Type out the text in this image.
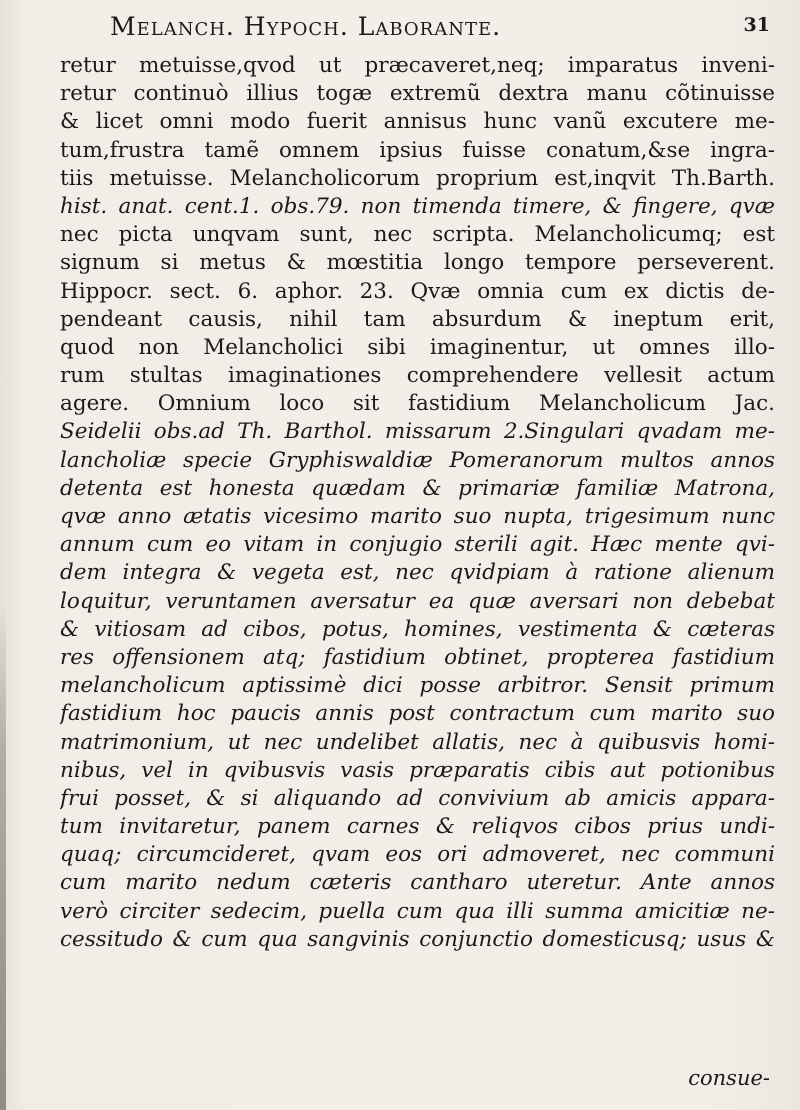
Melanch. Hypoch. Laborante.	31
retur metuisse,qvod ut præcaveret,neq; imparatus inveni-
retur continuò illius togæ extremũ dextra manu cõtinuisse
& licet omni modo fuerit annisus hunc vanũ excutere me-
tum,frustra tamẽ omnem ipsius fuisse conatum,&se ingra-
tiis metuisse. Melancholicorum proprium est,inqvit Th.Barth.
hist. anat. cent.1. obs.79. non timenda timere, & fingere, qvæ
nec picta unqvam sunt, nec scripta. Melancholicumq; est
signum si metus & mœstitia longo tempore perseverent.
Hippocr. sect. 6. aphor. 23. Qvæ omnia cum ex dictis de-
pendeant causis, nihil tam absurdum & ineptum erit,
quod non Melancholici sibi imaginentur, ut omnes illo-
rum stultas imaginationes comprehendere vellesit actum
agere. Omnium loco sit fastidium Melancholicum Jac.
Seidelii obs.ad Th. Barthol. missarum 2.Singulari qvadam me-
lancholiæ specie Gryphiswaldiæ Pomeranorum multos annos
detenta est honesta quædam & primariæ familiæ Matrona,
qvæ anno ætatis vicesimo marito suo nupta, trigesimum nunc
annum cum eo vitam in conjugio sterili agit. Hæc mente qvi-
dem integra & vegeta est, nec qvidpiam à ratione alienum
loquitur, veruntamen aversatur ea quæ aversari non debebat
& vitiosam ad cibos, potus, homines, vestimenta & cæteras
res offensionem atq; fastidium obtinet, propterea fastidium
melancholicum aptissimè dici posse arbitror. Sensit primum
fastidium hoc paucis annis post contractum cum marito suo
matrimonium, ut nec undelibet allatis, nec à quibusvis homi-
nibus, vel in qvibusvis vasis præparatis cibis aut potionibus
frui posset, & si aliquando ad convivium ab amicis appara-
tum invitaretur, panem carnes & reliqvos cibos prius undi-
quaq; circumcideret, qvam eos ori admoveret, nec communi
cum marito nedum cæteris cantharo uteretur. Ante annos
verò circiter sedecim, puella cum qua illi summa amicitiæ ne-
cessitudo & cum qua sangvinis conjunctio domesticusq; usus &
consue-
